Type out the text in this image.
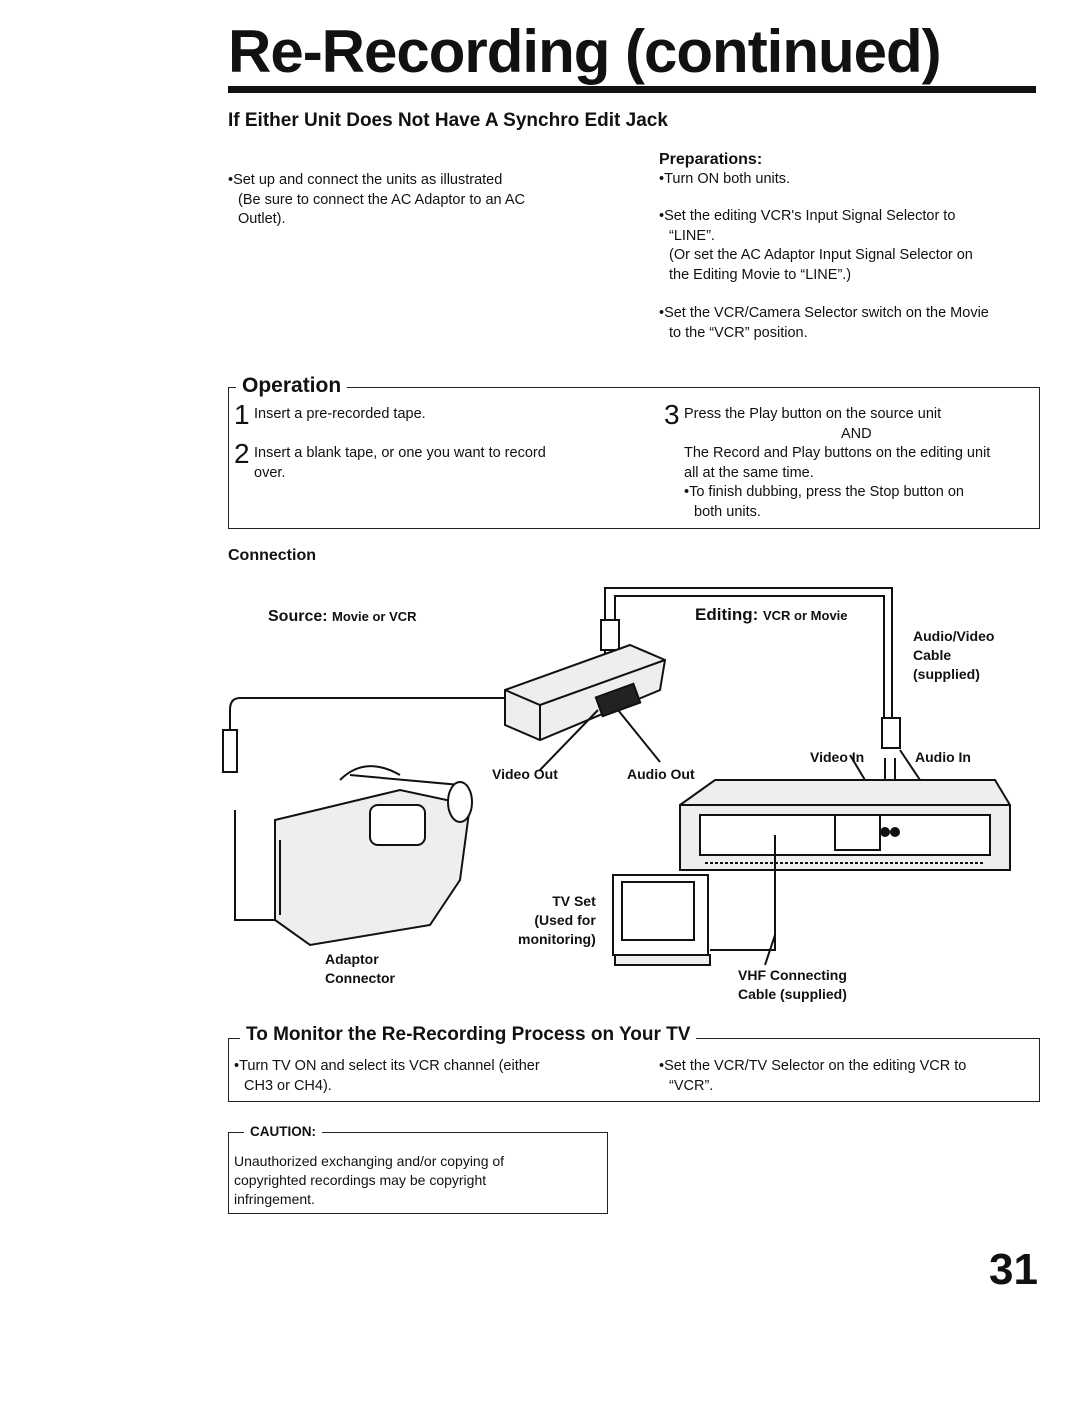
Re-Recording (continued)
If Either Unit Does Not Have A Synchro Edit Jack
•Set up and connect the units as illustrated
(Be sure to connect the AC Adaptor to an AC
Outlet).
Preparations:
•Turn ON both units.
•Set the editing VCR's Input Signal Selector to
“LINE”.
(Or set the AC Adaptor Input Signal Selector on
the Editing Movie to “LINE”.)
•Set the VCR/Camera Selector switch on the Movie
to the “VCR” position.
Operation
1 Insert a pre-recorded tape.
2 Insert a blank tape, or one you want to record
over.
3 Press the Play button on the source unit
AND
The Record and Play buttons on the editing unit
all at the same time.
•To finish dubbing, press the Stop button on
both units.
Connection
Source: Movie or VCR	Editing: VCR or Movie
Audio/Video
Cable
(supplied)
Video Out	Audio Out
Video In	Audio In
TV Set
(Used for
monitoring)
Adaptor
Connector	VHF Connecting
Cable (supplied)
To Monitor the Re-Recording Process on Your TV
•Turn TV ON and select its VCR channel (either
CH3 or CH4).
•Set the VCR/TV Selector on the editing VCR to
“VCR”.
CAUTION:
Unauthorized exchanging and/or copying of
copyrighted recordings may be copyright
infringement.
31
